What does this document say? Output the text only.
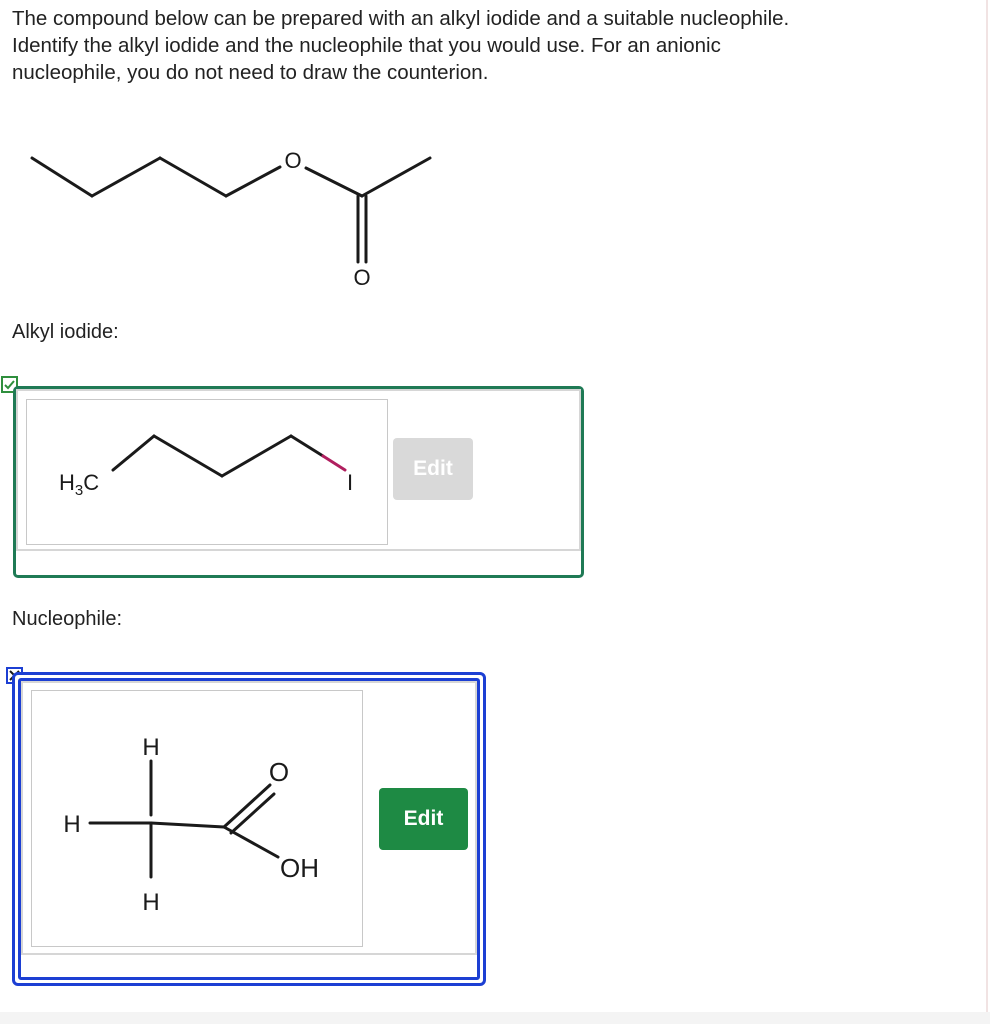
The compound below can be prepared with an alkyl iodide and a suitable nucleophile.
Identify the alkyl iodide and the nucleophile that you would use. For an anionic
nucleophile, you do not need to draw the counterion.
O
O

Alkyl iodide:

$H_3C$	I
Edit

Nucleophile:

H
H
H
O
OH
Edit
